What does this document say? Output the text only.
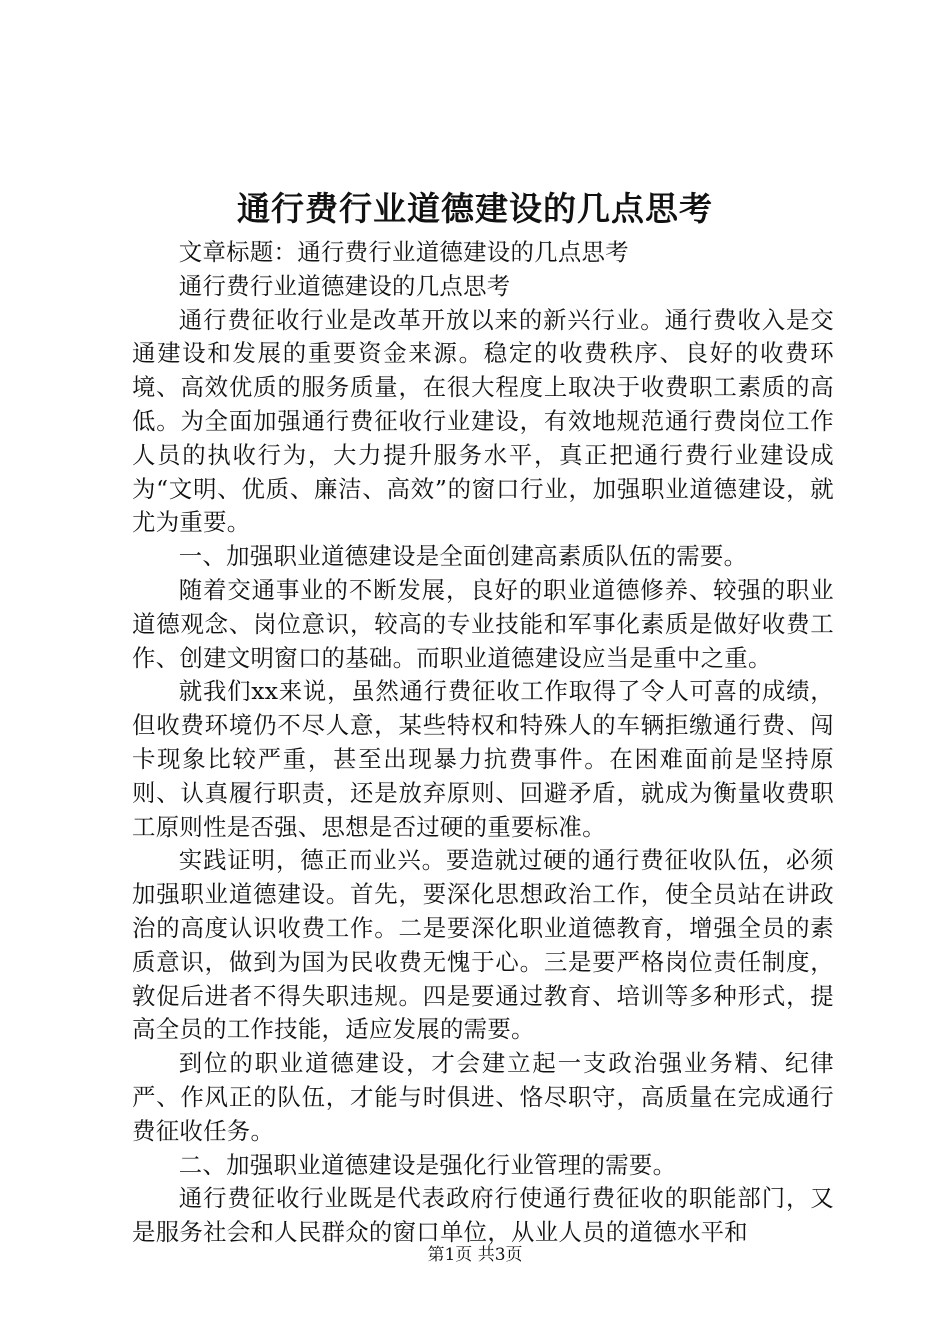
通行费行业道德建设的几点思考

文章标题：通行费行业道德建设的几点思考

通行费行业道德建设的几点思考

通行费征收行业是改革开放以来的新兴行业。通行费收入是交通建设和发展的重要资金来源。稳定的收费秩序、良好的收费环境、高效优质的服务质量，在很大程度上取决于收费职工素质的高低。为全面加强通行费征收行业建设，有效地规范通行费岗位工作人员的执收行为，大力提升服务水平，真正把通行费行业建设成为“文明、优质、廉洁、高效”的窗口行业，加强职业道德建设，就尤为重要。

一、加强职业道德建设是全面创建高素质队伍的需要。

随着交通事业的不断发展，良好的职业道德修养、较强的职业道德观念、岗位意识，较高的专业技能和军事化素质是做好收费工作、创建文明窗口的基础。而职业道德建设应当是重中之重。

就我们xx来说，虽然通行费征收工作取得了令人可喜的成绩，但收费环境仍不尽人意，某些特权和特殊人的车辆拒缴通行费、闯卡现象比较严重，甚至出现暴力抗费事件。在困难面前是坚持原则、认真履行职责，还是放弃原则、回避矛盾，就成为衡量收费职工原则性是否强、思想是否过硬的重要标准。

实践证明，德正而业兴。要造就过硬的通行费征收队伍，必须加强职业道德建设。首先，要深化思想政治工作，使全员站在讲政治的高度认识收费工作。二是要深化职业道德教育，增强全员的素质意识，做到为国为民收费无愧于心。三是要严格岗位责任制度，敦促后进者不得失职违规。四是要通过教育、培训等多种形式，提高全员的工作技能，适应发展的需要。

到位的职业道德建设，才会建立起一支政治强业务精、纪律严、作风正的队伍，才能与时俱进、恪尽职守，高质量在完成通行费征收任务。

二、加强职业道德建设是强化行业管理的需要。

通行费征收行业既是代表政府行使通行费征收的职能部门，又是服务社会和人民群众的窗口单位，从业人员的道德水平和

第1页 共3页
